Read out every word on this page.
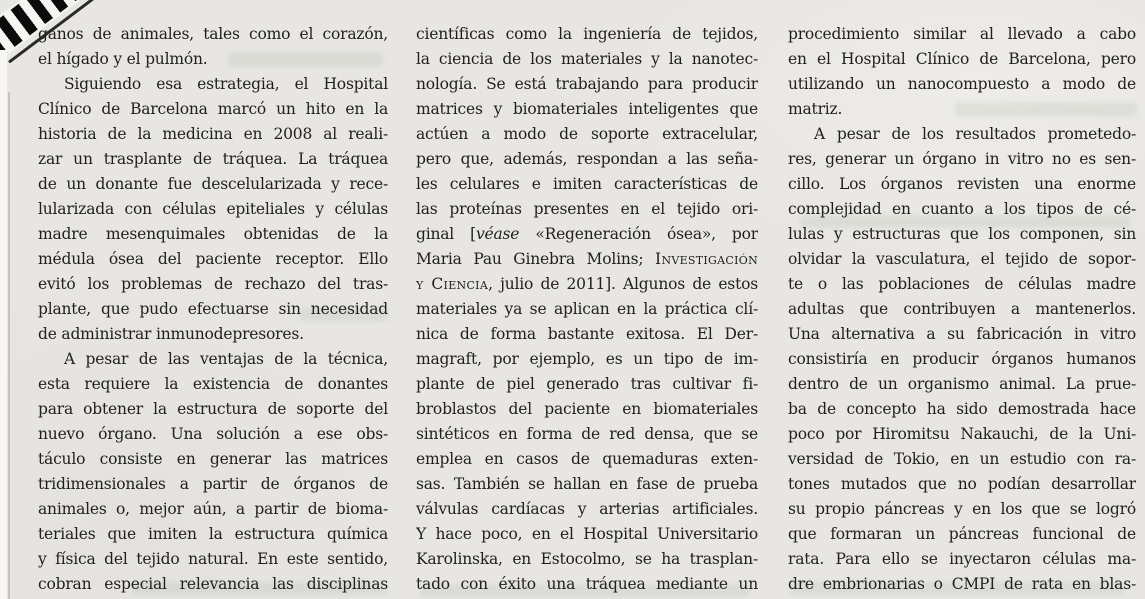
ganos de animales, tales como el corazón,
el hígado y el pulmón.
Siguiendo esa estrategia, el Hospital
Clínico de Barcelona marcó un hito en la
historia de la medicina en 2008 al reali-
zar un trasplante de tráquea. La tráquea
de un donante fue descelularizada y rece-
lularizada con células epiteliales y células
madre mesenquimales obtenidas de la
médula ósea del paciente receptor. Ello
evitó los problemas de rechazo del tras-
plante, que pudo efectuarse sin necesidad
de administrar inmunodepresores.
A pesar de las ventajas de la técnica,
esta requiere la existencia de donantes
para obtener la estructura de soporte del
nuevo órgano. Una solución a ese obs-
táculo consiste en generar las matrices
tridimensionales a partir de órganos de
animales o, mejor aún, a partir de bioma-
teriales que imiten la estructura química
y física del tejido natural. En este sentido,
cobran especial relevancia las disciplinas
científicas como la ingeniería de tejidos,
la ciencia de los materiales y la nanotec-
nología. Se está trabajando para producir
matrices y biomateriales inteligentes que
actúen a modo de soporte extracelular,
pero que, además, respondan a las seña-
les celulares e imiten características de
las proteínas presentes en el tejido ori-
ginal [véase «Regeneración ósea», por
Maria Pau Ginebra Molins; Investigación
y Ciencia, julio de 2011]. Algunos de estos
materiales ya se aplican en la práctica clí-
nica de forma bastante exitosa. El Der-
magraft, por ejemplo, es un tipo de im-
plante de piel generado tras cultivar fi-
broblastos del paciente en biomateriales
sintéticos en forma de red densa, que se
emplea en casos de quemaduras exten-
sas. También se hallan en fase de prueba
válvulas cardíacas y arterias artificiales.
Y hace poco, en el Hospital Universitario
Karolinska, en Estocolmo, se ha trasplan-
tado con éxito una tráquea mediante un
procedimiento similar al llevado a cabo
en el Hospital Clínico de Barcelona, pero
utilizando un nanocompuesto a modo de
matriz.
A pesar de los resultados prometedo-
res, generar un órgano in vitro no es sen-
cillo. Los órganos revisten una enorme
complejidad en cuanto a los tipos de cé-
lulas y estructuras que los componen, sin
olvidar la vasculatura, el tejido de sopor-
te o las poblaciones de células madre
adultas que contribuyen a mantenerlos.
Una alternativa a su fabricación in vitro
consistiría en producir órganos humanos
dentro de un organismo animal. La prue-
ba de concepto ha sido demostrada hace
poco por Hiromitsu Nakauchi, de la Uni-
versidad de Tokio, en un estudio con ra-
tones mutados que no podían desarrollar
su propio páncreas y en los que se logró
que formaran un páncreas funcional de
rata. Para ello se inyectaron células ma-
dre embrionarias o CMPI de rata en blas-
